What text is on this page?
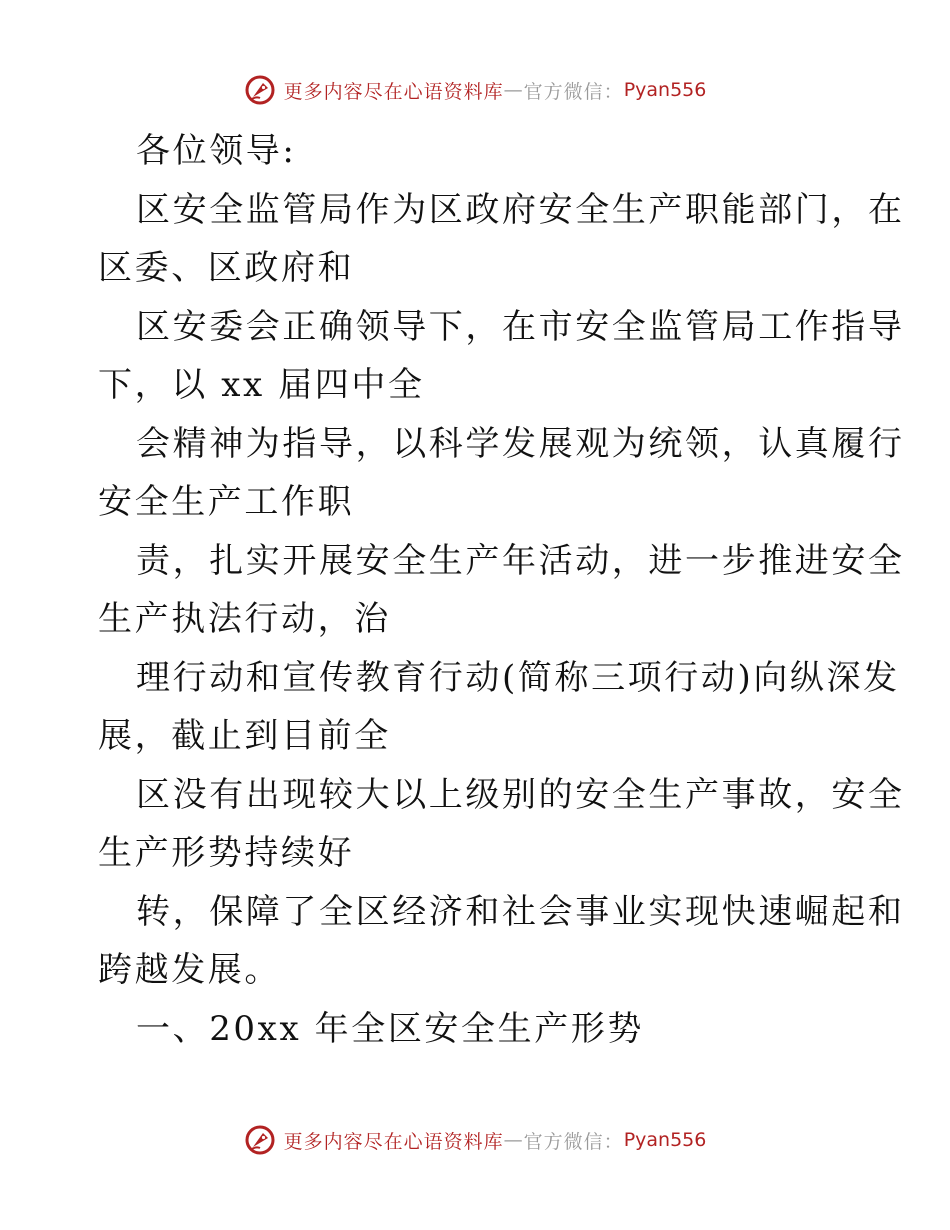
更多内容尽在心语资料库 — 官方微信： Pyan556
各位领导:
区安全监管局作为区政府安全生产职能部门，在
区委、区政府和
区安委会正确领导下，在市安全监管局工作指导
下，以 xx 届四中全
会精神为指导，以科学发展观为统领，认真履行
安全生产工作职
责，扎实开展安全生产年活动，进一步推进安全
生产执法行动，治
理行动和宣传教育行动(简称三项行动)向纵深发
展，截止到目前全
区没有出现较大以上级别的安全生产事故，安全
生产形势持续好
转，保障了全区经济和社会事业实现快速崛起和
跨越发展。
一、20xx 年全区安全生产形势
更多内容尽在心语资料库 — 官方微信： Pyan556
